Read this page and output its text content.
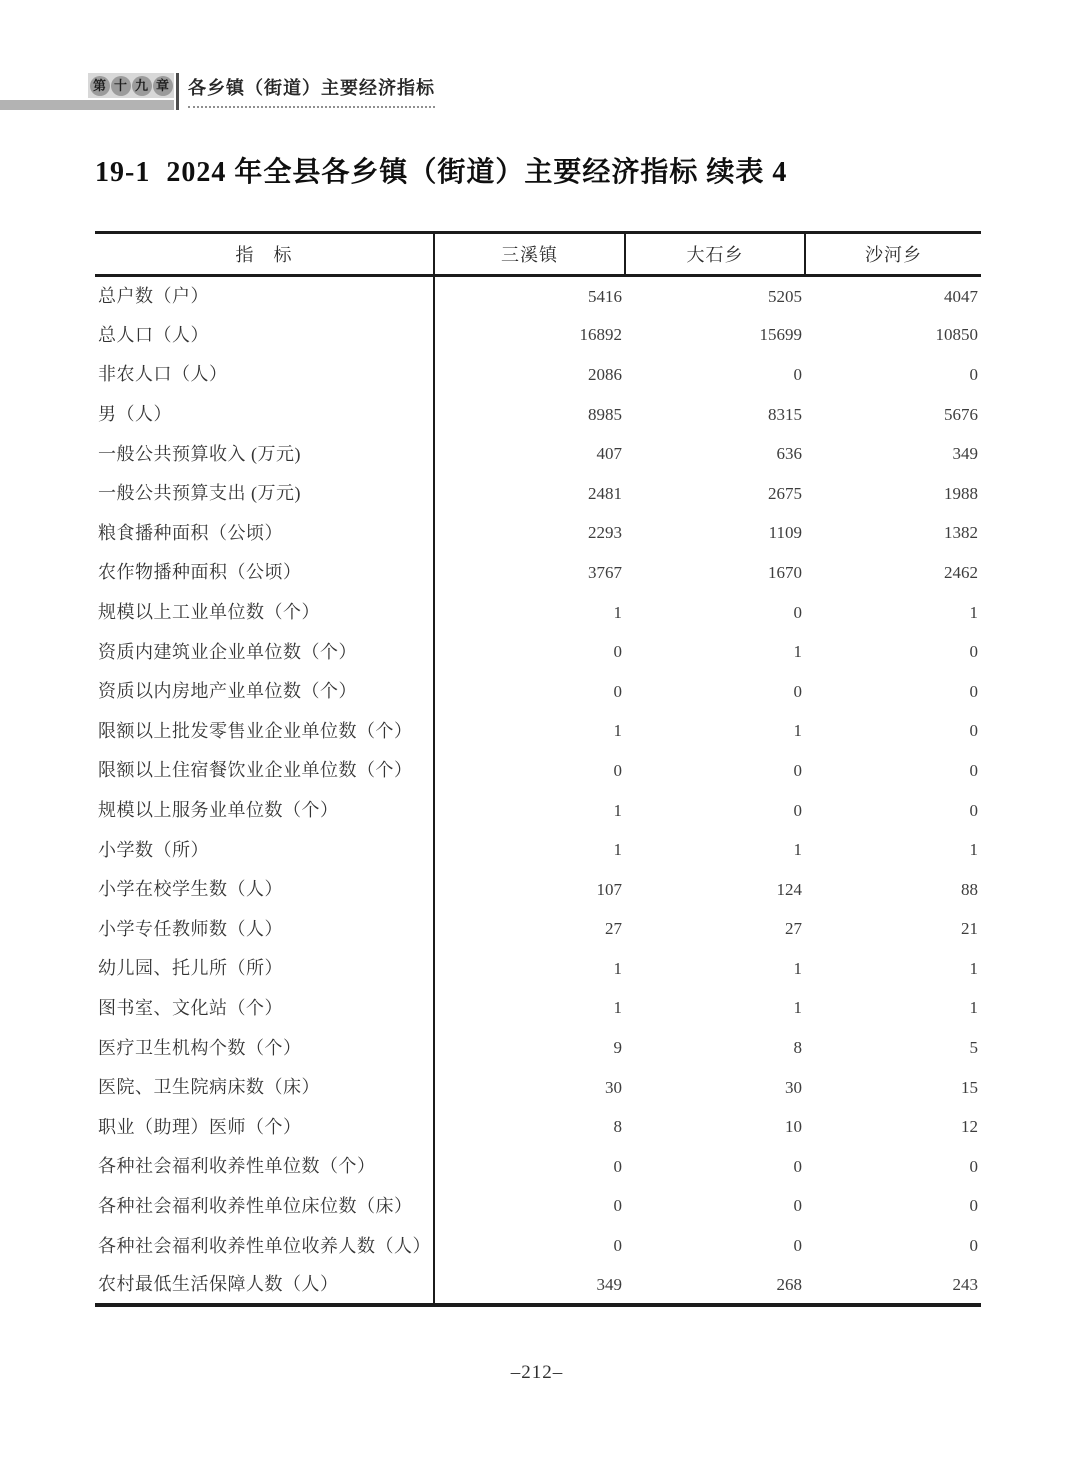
第 十 九 章 各乡镇（街道）主要经济指标
19-1  2024 年全县各乡镇（街道）主要经济指标 续表 4
指　标	三溪镇	大石乡	沙河乡
总户数（户）	5416	5205	4047
总人口（人）	16892	15699	10850
非农人口（人）	2086	0	0
男（人）	8985	8315	5676
一般公共预算收入 (万元)	407	636	349
一般公共预算支出 (万元)	2481	2675	1988
粮食播种面积（公顷）	2293	1109	1382
农作物播种面积（公顷）	3767	1670	2462
规模以上工业单位数（个）	1	0	1
资质内建筑业企业单位数（个）	0	1	0
资质以内房地产业单位数（个）	0	0	0
限额以上批发零售业企业单位数（个）	1	1	0
限额以上住宿餐饮业企业单位数（个）	0	0	0
规模以上服务业单位数（个）	1	0	0
小学数（所）	1	1	1
小学在校学生数（人）	107	124	88
小学专任教师数（人）	27	27	21
幼儿园、托儿所（所）	1	1	1
图书室、文化站（个）	1	1	1
医疗卫生机构个数（个）	9	8	5
医院、卫生院病床数（床）	30	30	15
职业（助理）医师（个）	8	10	12
各种社会福利收养性单位数（个）	0	0	0
各种社会福利收养性单位床位数（床）	0	0	0
各种社会福利收养性单位收养人数（人）	0	0	0
农村最低生活保障人数（人）	349	268	243
–212–
